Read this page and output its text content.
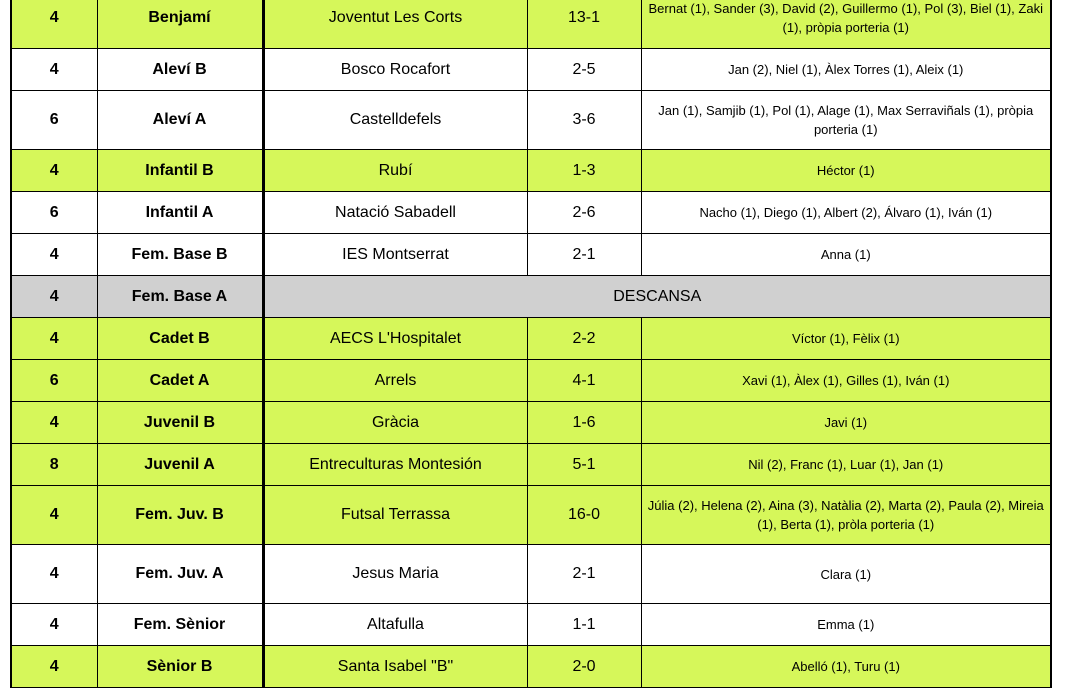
4	Benjamí	Joventut Les Corts	13-1	Bernat (1), Sander (3), David (2), Guillermo (1), Pol (3), Biel (1), Zaki (1), pròpia porteria (1)
4	Aleví B	Bosco Rocafort	2-5	Jan (2), Niel (1), Àlex Torres (1), Aleix (1)
6	Aleví A	Castelldefels	3-6	Jan (1), Samjib (1), Pol (1), Alage (1), Max Serraviñals (1), pròpia porteria (1)
4	Infantil B	Rubí	1-3	Héctor (1)
6	Infantil A	Natació Sabadell	2-6	Nacho (1), Diego (1), Albert (2), Álvaro (1), Iván (1)
4	Fem. Base B	IES Montserrat	2-1	Anna (1)
4	Fem. Base A	DESCANSA		
4	Cadet B	AECS L'Hospitalet	2-2	Víctor (1), Fèlix (1)
6	Cadet A	Arrels	4-1	Xavi (1), Àlex (1), Gilles (1), Iván (1)
4	Juvenil B	Gràcia	1-6	Javi (1)
8	Juvenil A	Entreculturas Montesión	5-1	Nil (2), Franc (1), Luar (1), Jan (1)
4	Fem. Juv. B	Futsal Terrassa	16-0	Júlia (2), Helena (2), Aina (3), Natàlia (2), Marta (2), Paula (2), Mireia (1), Berta (1), pròla porteria (1)
4	Fem. Juv. A	Jesus Maria	2-1	Clara (1)
4	Fem. Sènior	Altafulla	1-1	Emma (1)
4	Sènior B	Santa Isabel "B"	2-0	Abelló (1), Turu (1)
